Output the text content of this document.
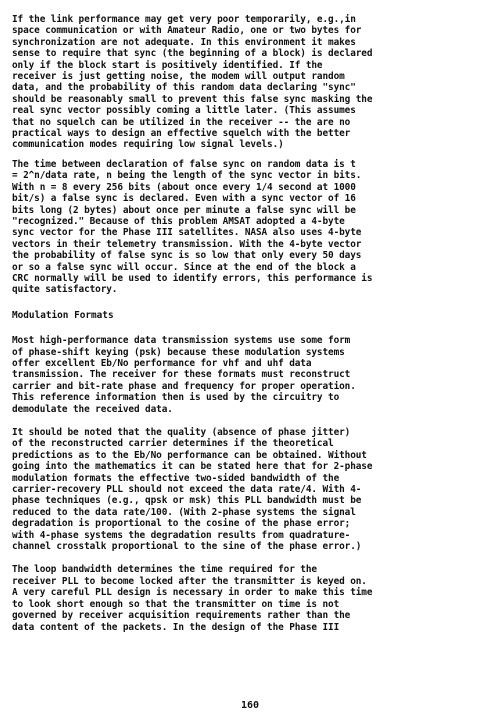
If the link performance may get very poor temporarily, e.g.,in
space communication or with Amateur Radio, one or two bytes for
synchronization are not adequate. In this environment it makes
sense to require that sync (the beginning of a block) is declared
only if the block start is positively identified. If the
receiver is just getting noise, the modem will output random
data, and the probability of this random data declaring "sync"
should be reasonably small to prevent this false sync masking the
real sync vector possibly coming a little later. (This assumes
that no squelch can be utilized in the receiver -- the are no
practical ways to design an effective squelch with the better
communication modes requiring low signal levels.)
The time between declaration of false sync on random data is t
= 2^n/data rate, n being the length of the sync vector in bits.
With n = 8 every 256 bits (about once every 1/4 second at 1000
bit/s) a false sync is declared. Even with a sync vector of 16
bits long (2 bytes) about once per minute a false sync will be
"recognized." Because of this problem AMSAT adopted a 4-byte
sync vector for the Phase III satellites. NASA also uses 4-byte
vectors in their telemetry transmission. With the 4-byte vector
the probability of false sync is so low that only every 50 days
or so a false sync will occur. Since at the end of the block a
CRC normally will be used to identify errors, this performance is
quite satisfactory.
Modulation Formats
Most high-performance data transmission systems use some form
of phase-shift keying (psk) because these modulation systems
offer excellent Eb/No performance for vhf and uhf data
transmission. The receiver for these formats must reconstruct
carrier and bit-rate phase and frequency for proper operation.
This reference information then is used by the circuitry to
demodulate the received data.
It should be noted that the quality (absence of phase jitter)
of the reconstructed carrier determines if the theoretical
predictions as to the Eb/No performance can be obtained. Without
going into the mathematics it can be stated here that for 2-phase
modulation formats the effective two-sided bandwidth of the
carrier-recovery PLL should not exceed the data rate/4. With 4-
phase techniques (e.g., qpsk or msk) this PLL bandwidth must be
reduced to the data rate/100. (With 2-phase systems the signal
degradation is proportional to the cosine of the phase error;
with 4-phase systems the degradation results from quadrature-
channel crosstalk proportional to the sine of the phase error.)
The loop bandwidth determines the time required for the
receiver PLL to become locked after the transmitter is keyed on.
A very careful PLL design is necessary in order to make this time
to look short enough so that the transmitter on time is not
governed by receiver acquisition requirements rather than the
data content of the packets. In the design of the Phase III
160
